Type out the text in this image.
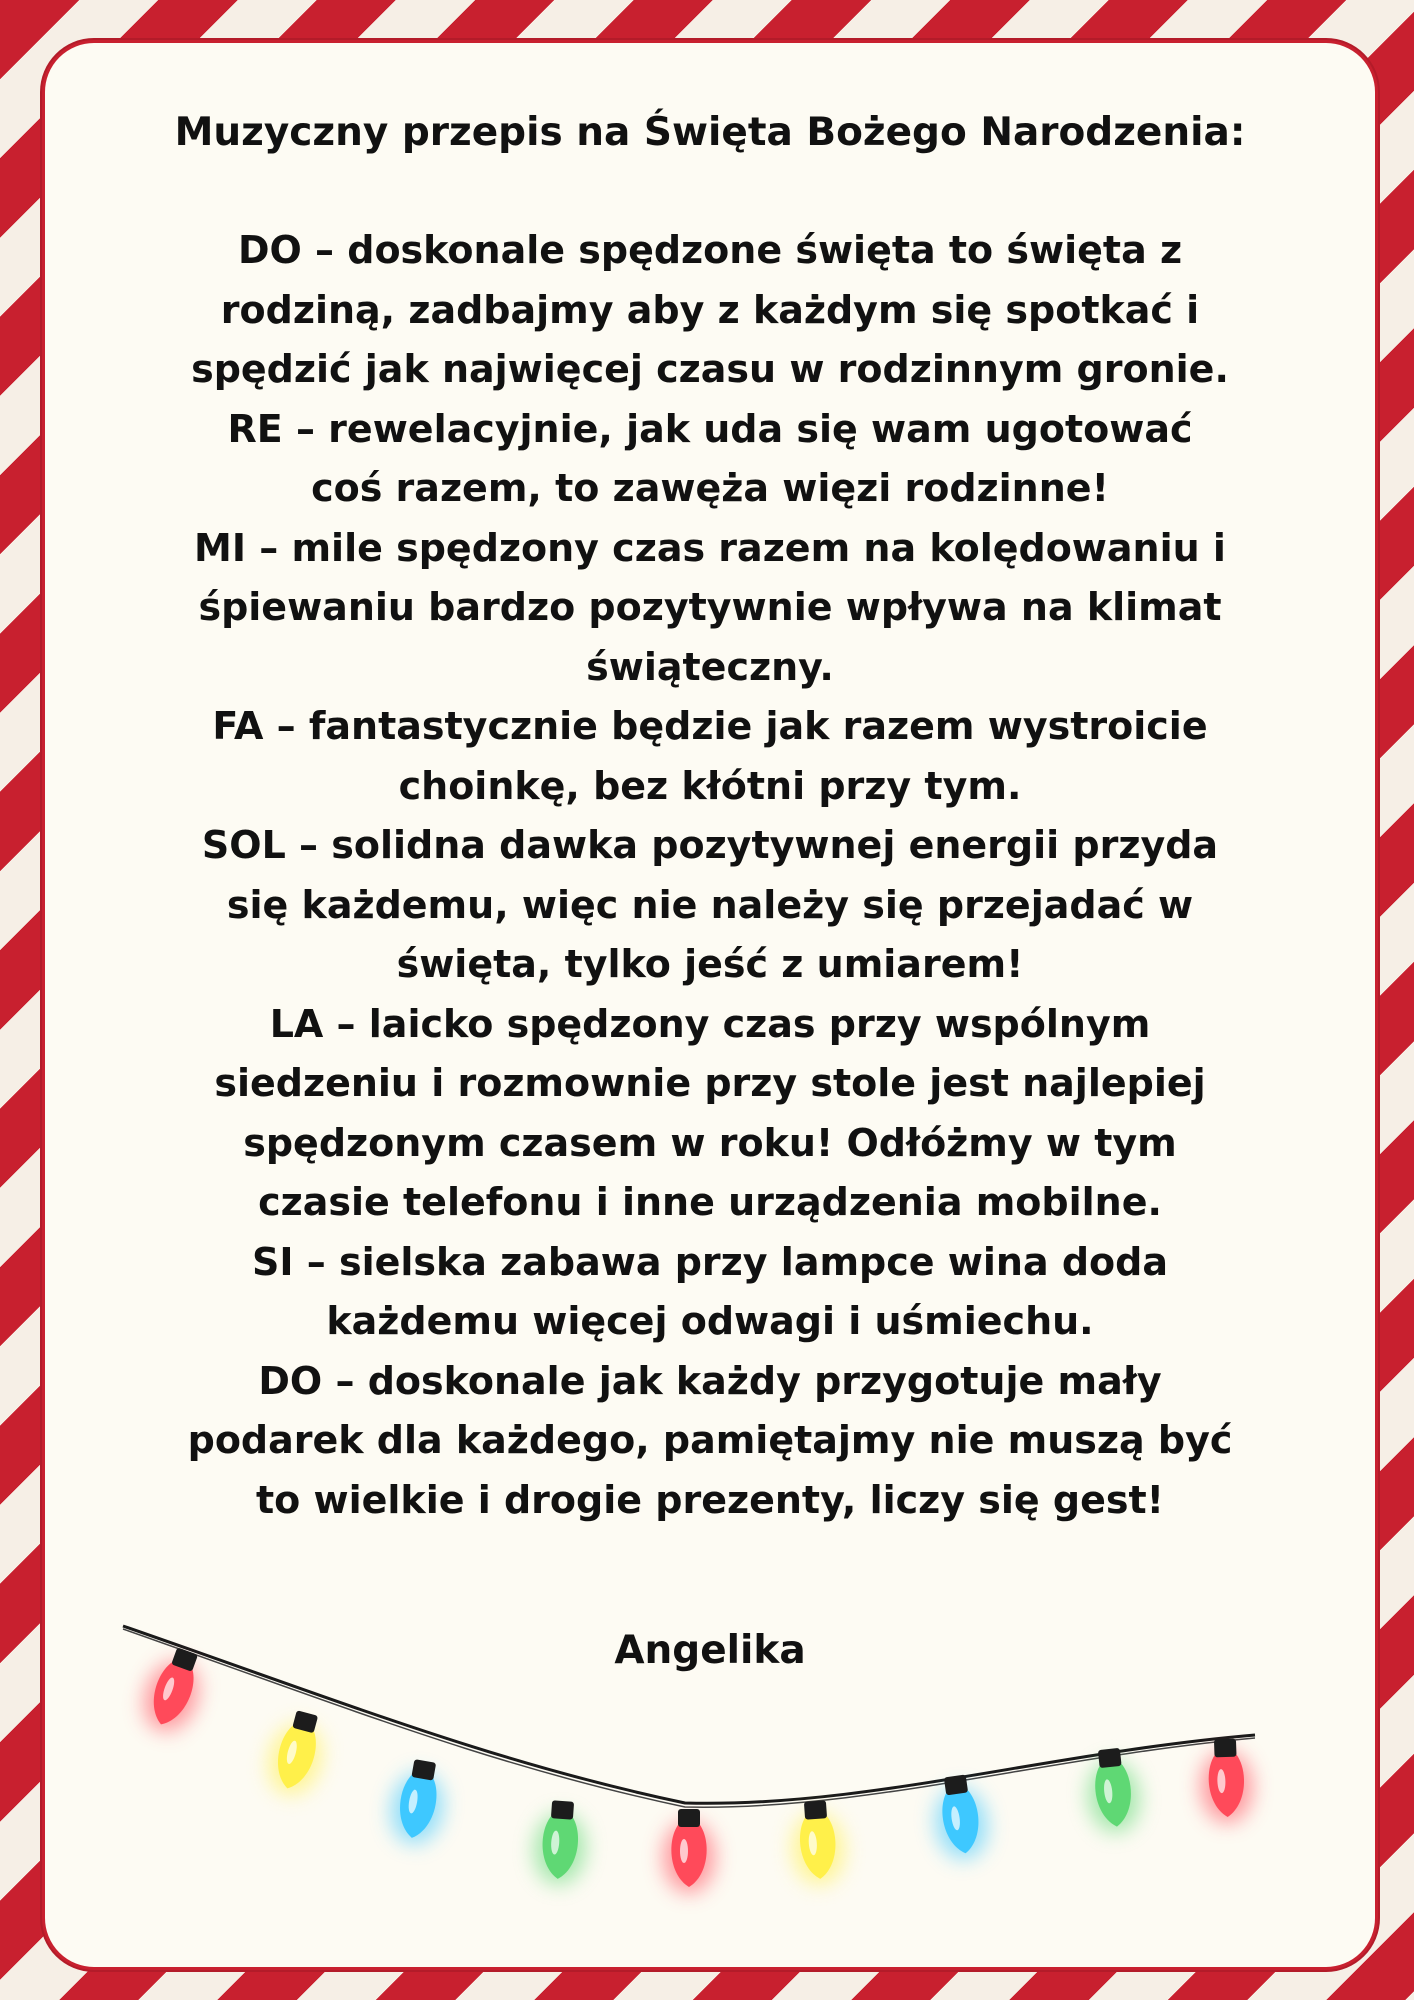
Muzyczny przepis na Święta Bożego Narodzenia:
DO – doskonale spędzone święta to święta z
rodziną, zadbajmy aby z każdym się spotkać i
spędzić jak najwięcej czasu w rodzinnym gronie.
RE – rewelacyjnie, jak uda się wam ugotować
coś razem, to zawęża więzi rodzinne!
MI – mile spędzony czas razem na kolędowaniu i
śpiewaniu bardzo pozytywnie wpływa na klimat
świąteczny.
FA – fantastycznie będzie jak razem wystroicie
choinkę, bez kłótni przy tym.
SOL – solidna dawka pozytywnej energii przyda
się każdemu, więc nie należy się przejadać w
święta, tylko jeść z umiarem!
LA – laicko spędzony czas przy wspólnym
siedzeniu i rozmownie przy stole jest najlepiej
spędzonym czasem w roku! Odłóżmy w tym
czasie telefonu i inne urządzenia mobilne.
SI – sielska zabawa przy lampce wina doda
każdemu więcej odwagi i uśmiechu.
DO – doskonale jak każdy przygotuje mały
podarek dla każdego, pamiętajmy nie muszą być
to wielkie i drogie prezenty, liczy się gest!
Angelika
